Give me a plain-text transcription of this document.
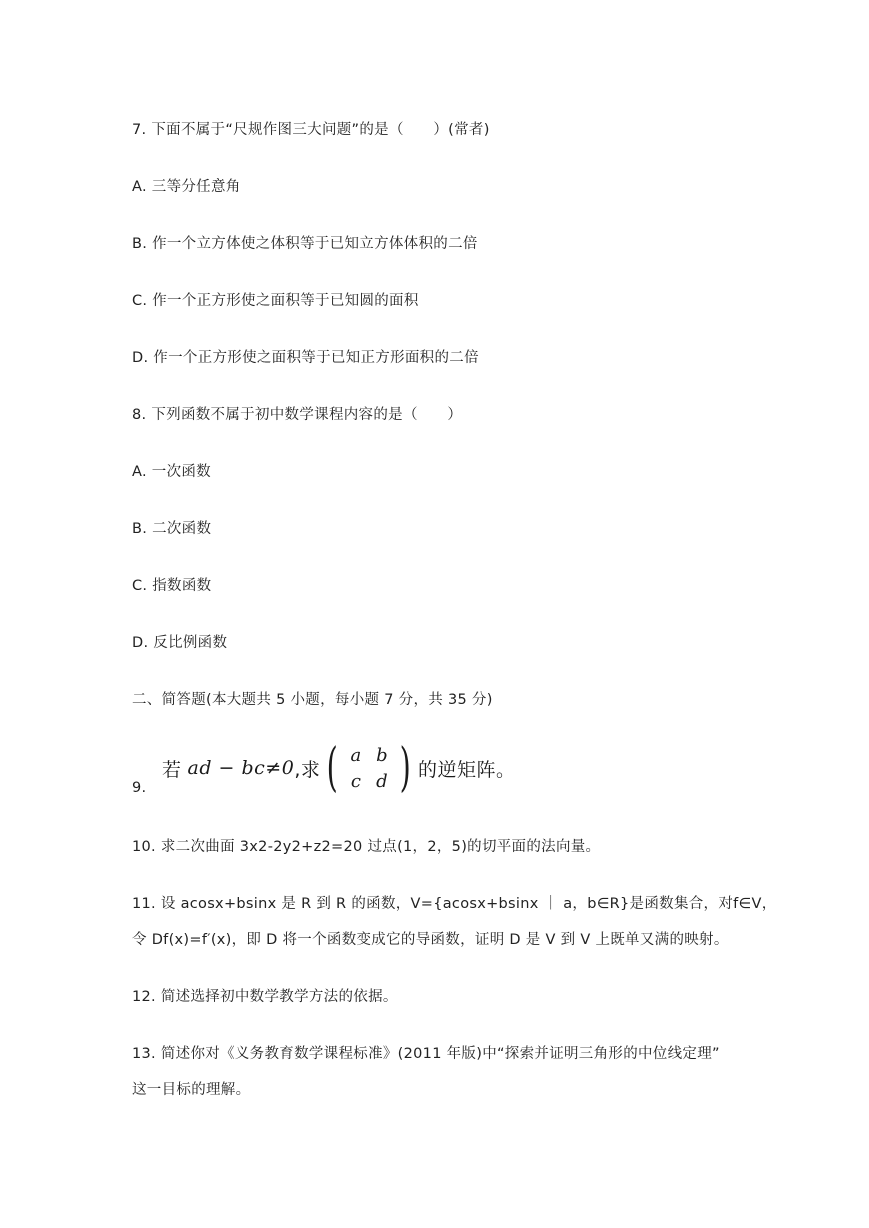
7. 下面不属于“尺规作图三大问题”的是（　　）(常者)
A. 三等分任意角
B. 作一个立方体使之体积等于已知立方体体积的二倍
C. 作一个正方形使之面积等于已知圆的面积
D. 作一个正方形使之面积等于已知正方形面积的二倍
8. 下列函数不属于初中数学课程内容的是（　　）
A. 一次函数
B. 二次函数
C. 指数函数
D. 反比例函数
二、简答题(本大题共 5 小题，每小题 7 分，共 35 分)
9.
若 ad − bc≠0 ,求 ( a b
c d ) 的逆矩阵。
10. 求二次曲面 3x2-2y2+z2=20 过点(1，2，5)的切平面的法向量。
11. 设 acosx+bsinx 是 R 到 R 的函数，V={acosx+bsinx ｜ a，b∈R}是函数集合，对f∈V，
令 Df(x)=f′(x)，即 D 将一个函数变成它的导函数，证明 D 是 V 到 V 上既单又满的映射。
12. 简述选择初中数学教学方法的依据。
13. 简述你对《义务教育数学课程标准》(2011 年版)中“探索并证明三角形的中位线定理”
这一目标的理解。
